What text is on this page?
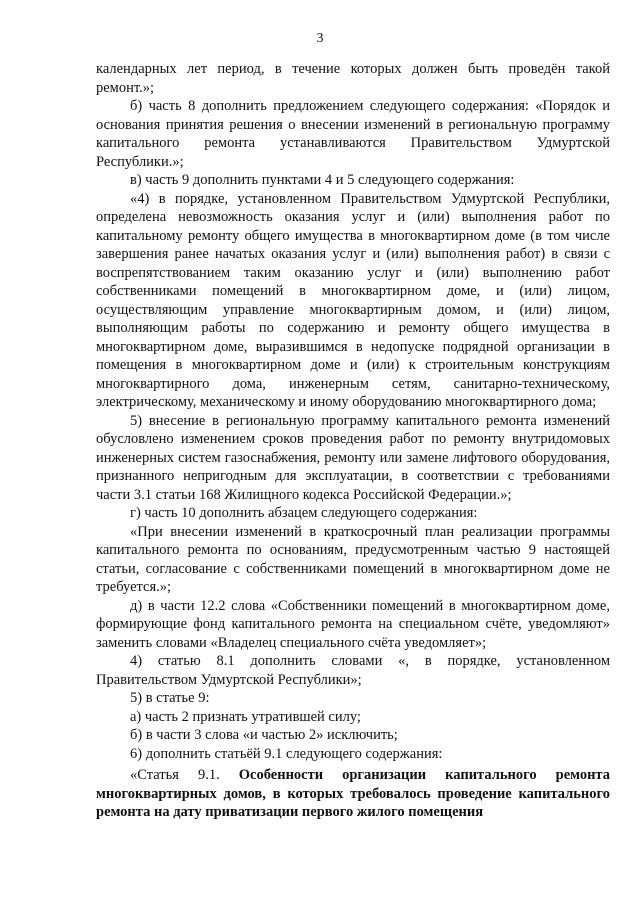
3

календарных лет период, в течение которых должен быть проведён такой ремонт.»;

б) часть 8 дополнить предложением следующего содержания: «Порядок и основания принятия решения о внесении изменений в региональную программу капитального ремонта устанавливаются Правительством Удмуртской Республики.»;

в) часть 9 дополнить пунктами 4 и 5 следующего содержания:

«4) в порядке, установленном Правительством Удмуртской Республики, определена невозможность оказания услуг и (или) выполнения работ по капитальному ремонту общего имущества в многоквартирном доме (в том числе завершения ранее начатых оказания услуг и (или) выполнения работ) в связи с воспрепятствованием таким оказанию услуг и (или) выполнению работ собственниками помещений в многоквартирном доме, и (или) лицом, осуществляющим управление многоквартирным домом, и (или) лицом, выполняющим работы по содержанию и ремонту общего имущества в многоквартирном доме, выразившимся в недопуске подрядной организации в помещения в многоквартирном доме и (или) к строительным конструкциям многоквартирного дома, инженерным сетям, санитарно-техническому, электрическому, механическому и иному оборудованию многоквартирного дома;

5) внесение в региональную программу капитального ремонта изменений обусловлено изменением сроков проведения работ по ремонту внутридомовых инженерных систем газоснабжения, ремонту или замене лифтового оборудования, признанного непригодным для эксплуатации, в соответствии с требованиями части 3.1 статьи 168 Жилищного кодекса Российской Федерации.»;

г) часть 10 дополнить абзацем следующего содержания:

«При внесении изменений в краткосрочный план реализации программы капитального ремонта по основаниям, предусмотренным частью 9 настоящей статьи, согласование с собственниками помещений в многоквартирном доме не требуется.»;

д) в части 12.2 слова «Собственники помещений в многоквартирном доме, формирующие фонд капитального ремонта на специальном счёте, уведомляют» заменить словами «Владелец специального счёта уведомляет»;

4) статью 8.1 дополнить словами «, в порядке, установленном Правительством Удмуртской Республики»;

5) в статье 9:

а) часть 2 признать утратившей силу;

б) в части 3 слова «и частью 2» исключить;

6) дополнить статьёй 9.1 следующего содержания:

«Статья 9.1. Особенности организации капитального ремонта многоквартирных домов, в которых требовалось проведение капитального ремонта на дату приватизации первого жилого помещения
